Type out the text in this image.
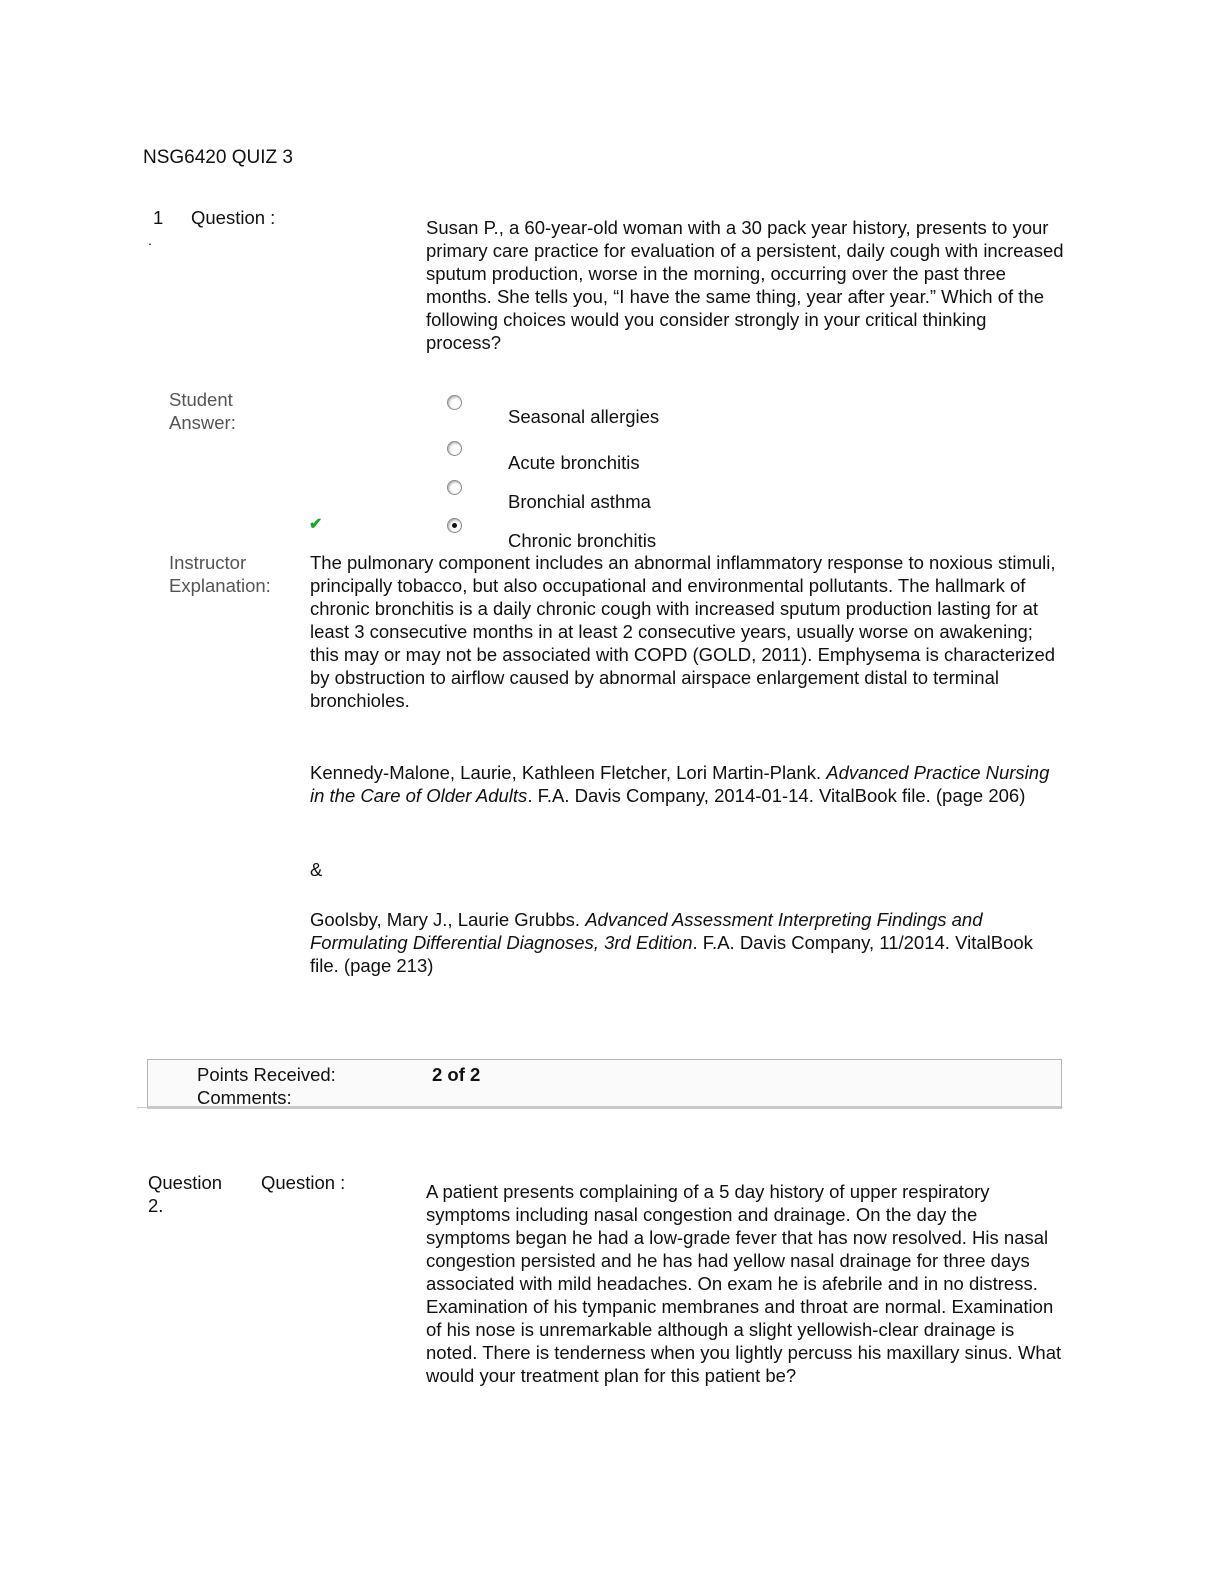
NSG6420 QUIZ 3
1
.
Question :	Susan P., a 60-year-old woman with a 30 pack year history, presents to your primary care practice for evaluation of a persistent, daily cough with increased sputum production, worse in the morning, occurring over the past three months. She tells you, “I have the same thing, year after year.” Which of the following choices would you consider strongly in your critical thinking process?
Student Answer:	Seasonal allergies
Acute bronchitis
Bronchial asthma
✔
Chronic bronchitis
Instructor Explanation:
The pulmonary component includes an abnormal inflammatory response to noxious stimuli, principally tobacco, but also occupational and environmental pollutants. The hallmark of chronic bronchitis is a daily chronic cough with increased sputum production lasting for at least 3 consecutive months in at least 2 consecutive years, usually worse on awakening; this may or may not be associated with COPD (GOLD, 2011). Emphysema is characterized by obstruction to airflow caused by abnormal airspace enlargement distal to terminal bronchioles.
Kennedy-Malone, Laurie, Kathleen Fletcher, Lori Martin-Plank. Advanced Practice Nursing in the Care of Older Adults. F.A. Davis Company, 2014-01-14. VitalBook file. (page 206)
&
Goolsby, Mary J., Laurie Grubbs. Advanced Assessment Interpreting Findings and Formulating Differential Diagnoses, 3rd Edition. F.A. Davis Company, 11/2014. VitalBook file. (page 213)
Points Received:	2 of 2
Comments:
Question 2.
Question :	A patient presents complaining of a 5 day history of upper respiratory symptoms including nasal congestion and drainage. On the day the symptoms began he had a low-grade fever that has now resolved. His nasal congestion persisted and he has had yellow nasal drainage for three days associated with mild headaches. On exam he is afebrile and in no distress. Examination of his tympanic membranes and throat are normal. Examination of his nose is unremarkable although a slight yellowish-clear drainage is noted. There is tenderness when you lightly percuss his maxillary sinus. What would your treatment plan for this patient be?
